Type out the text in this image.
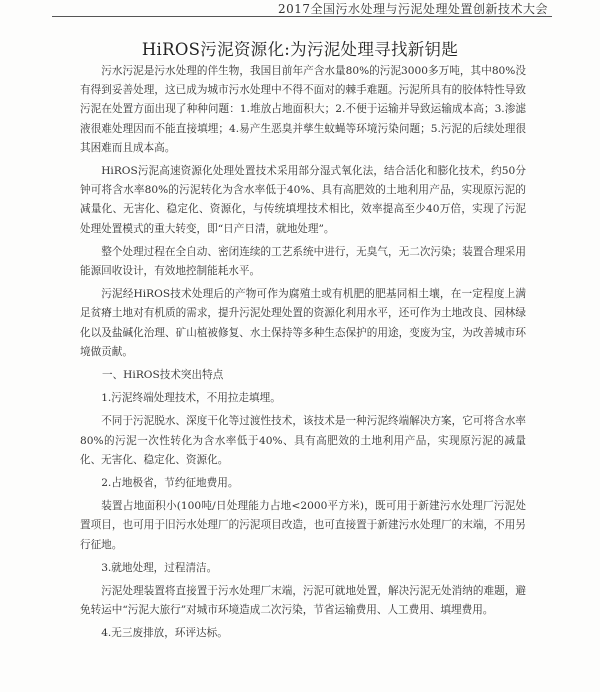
2017全国污水处理与污泥处理处置创新技术大会
HiROS污泥资源化:为污泥处理寻找新钥匙

污水污泥是污水处理的伴生物，我国目前年产含水量80%的污泥3000多万吨，其中80%没有得到妥善处理，这已成为城市污水处理中不得不面对的棘手难题。污泥所具有的胶体特性导致污泥在处置方面出现了种种问题：1.堆放占地面积大；2.不便于运输并导致运输成本高；3.渗滤液很难处理因而不能直接填埋；4.易产生恶臭并孳生蚊蝇等环境污染问题；5.污泥的后续处理很其困难而且成本高。

HiROS污泥高速资源化处理处置技术采用部分湿式氧化法，结合活化和膨化技术，约50分钟可将含水率80%的污泥转化为含水率低于40%、具有高肥效的土地利用产品，实现原污泥的减量化、无害化、稳定化、资源化，与传统填埋技术相比，效率提高至少40万倍，实现了污泥处理处置模式的重大转变，即“日产日清，就地处理”。

整个处理过程在全自动、密闭连续的工艺系统中进行，无臭气，无二次污染；装置合理采用能源回收设计，有效地控制能耗水平。

污泥经HiROS技术处理后的产物可作为腐殖土或有机肥的肥基同相土壤，在一定程度上满足贫瘠土地对有机质的需求，提升污泥处理处置的资源化利用水平，还可作为土地改良、园林绿化以及盐碱化治理、矿山植被修复、水土保持等多种生态保护的用途，变废为宝，为改善城市环境做贡献。

一、HiROS技术突出特点

1.污泥终端处理技术，不用拉走填埋。

不同于污泥脱水、深度干化等过渡性技术，该技术是一种污泥终端解决方案，它可将含水率80%的污泥一次性转化为含水率低于40%、具有高肥效的土地利用产品，实现原污泥的减量化、无害化、稳定化、资源化。

2.占地极省，节约征地费用。

装置占地面积小(100吨/日处理能力占地<2000平方米)，既可用于新建污水处理厂污泥处置项目，也可用于旧污水处理厂的污泥项目改造，也可直接置于新建污水处理厂的末端，不用另行征地。

3.就地处理，过程清洁。

污泥处理装置将直接置于污水处理厂末端，污泥可就地处置，解决污泥无处消纳的难题，避免转运中“污泥大旅行”对城市环境造成二次污染，节省运输费用、人工费用、填埋费用。

4.无三废排放，环评达标。
